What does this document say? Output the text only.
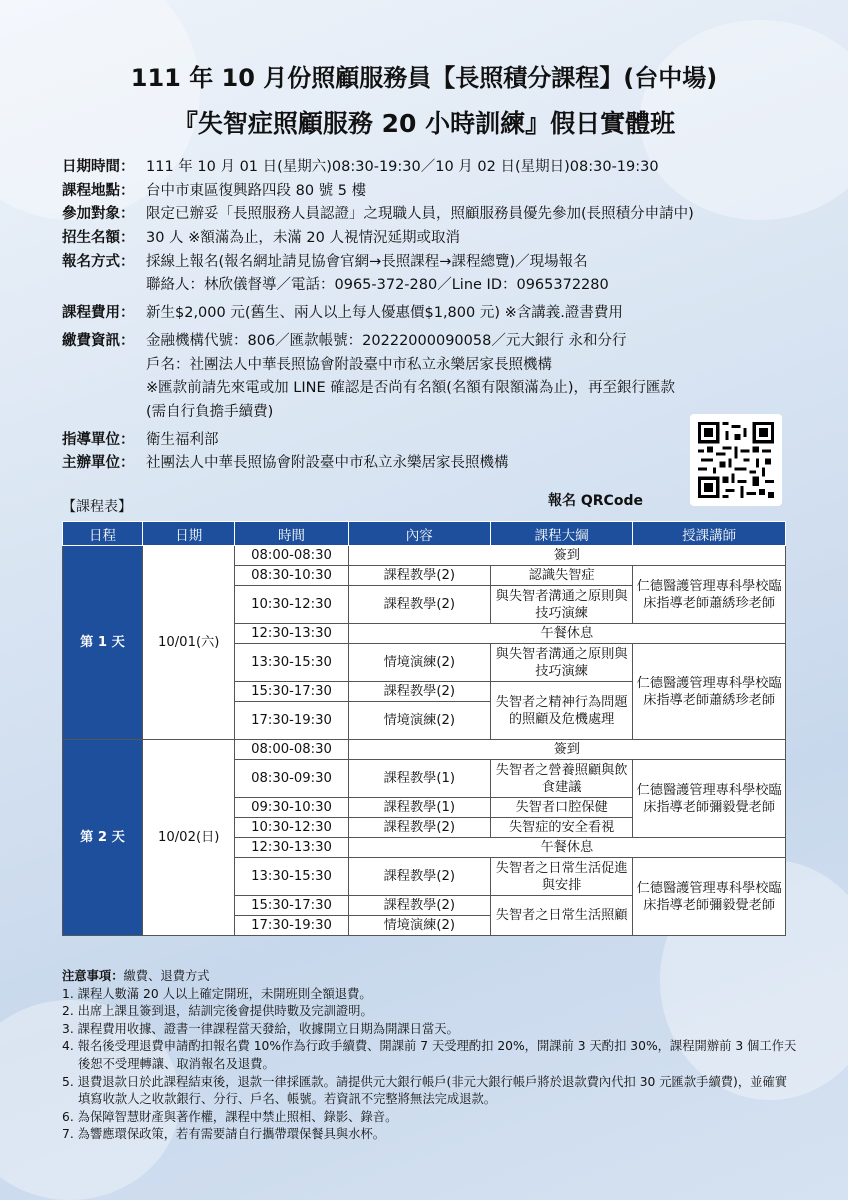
111 年 10 月份照顧服務員【長照積分課程】(台中場)
『失智症照顧服務 20 小時訓練』假日實體班
日期時間： 111 年 10 月 01 日(星期六)08:30-19:30／10 月 02 日(星期日)08:30-19:30
課程地點： 台中市東區復興路四段 80 號 5 樓
參加對象： 限定已辦妥「長照服務人員認證」之現職人員，照顧服務員優先參加(長照積分申請中)
招生名額： 30 人 ※額滿為止，未滿 20 人視情況延期或取消
報名方式： 採線上報名(報名網址請見協會官網→長照課程→課程總覽)／現場報名
聯絡人：林欣儀督導／電話：0965-372-280／Line ID：0965372280
課程費用： 新生$2,000 元(舊生、兩人以上每人優惠價$1,800 元) ※含講義.證書費用
繳費資訊： 金融機構代號：806／匯款帳號：20222000090058／元大銀行 永和分行
戶名：社團法人中華長照協會附設臺中市私立永樂居家長照機構
※匯款前請先來電或加 LINE 確認是否尚有名額(名額有限額滿為止)，再至銀行匯款
(需自行負擔手續費)
指導單位： 衛生福利部
主辦單位： 社團法人中華長照協會附設臺中市私立永樂居家長照機構
報名 QRCode
【課程表】
日程	日期	時間	內容	課程大綱	授課講師
第 1 天	10/01(六)	08:00-08:30	簽到		
		08:30-10:30	課程教學(2)	認識失智症	仁德醫護管理專科學校臨床指導老師蕭綉珍老師
		10:30-12:30	課程教學(2)	與失智者溝通之原則與技巧演練	
		12:30-13:30	午餐休息		
		13:30-15:30	情境演練(2)	與失智者溝通之原則與技巧演練	仁德醫護管理專科學校臨床指導老師蕭綉珍老師
		15:30-17:30	課程教學(2)	失智者之精神行為問題的照顧及危機處理	
		17:30-19:30	情境演練(2)		
第 2 天	10/02(日)	08:00-08:30	簽到		
		08:30-09:30	課程教學(1)	失智者之營養照顧與飲食建議	仁德醫護管理專科學校臨床指導老師彌毅覺老師
		09:30-10:30	課程教學(1)	失智者口腔保健	
		10:30-12:30	課程教學(2)	失智症的安全看視	
		12:30-13:30	午餐休息		
		13:30-15:30	課程教學(2)	失智者之日常生活促進與安排	仁德醫護管理專科學校臨床指導老師彌毅覺老師
		15:30-17:30	課程教學(2)	失智者之日常生活照顧	
		17:30-19:30	情境演練(2)		
注意事項：繳費、退費方式
1. 課程人數滿 20 人以上確定開班，未開班則全額退費。
2. 出席上課且簽到退，結訓完後會提供時數及完訓證明。
3. 課程費用收據、證書一律課程當天發給，收據開立日期為開課日當天。
4. 報名後受理退費申請酌扣報名費 10%作為行政手續費、開課前 7 天受理酌扣 20%，開課前 3 天酌扣 30%，課程開辦前 3 個工作天後恕不受理轉讓、取消報名及退費。
5. 退費退款日於此課程結束後，退款一律採匯款。請提供元大銀行帳戶(非元大銀行帳戶將於退款費內代扣 30 元匯款手續費)，並確實填寫收款人之收款銀行、分行、戶名、帳號。若資訊不完整將無法完成退款。
6. 為保障智慧財產與著作權，課程中禁止照相、錄影、錄音。
7. 為響應環保政策，若有需要請自行攜帶環保餐具與水杯。
